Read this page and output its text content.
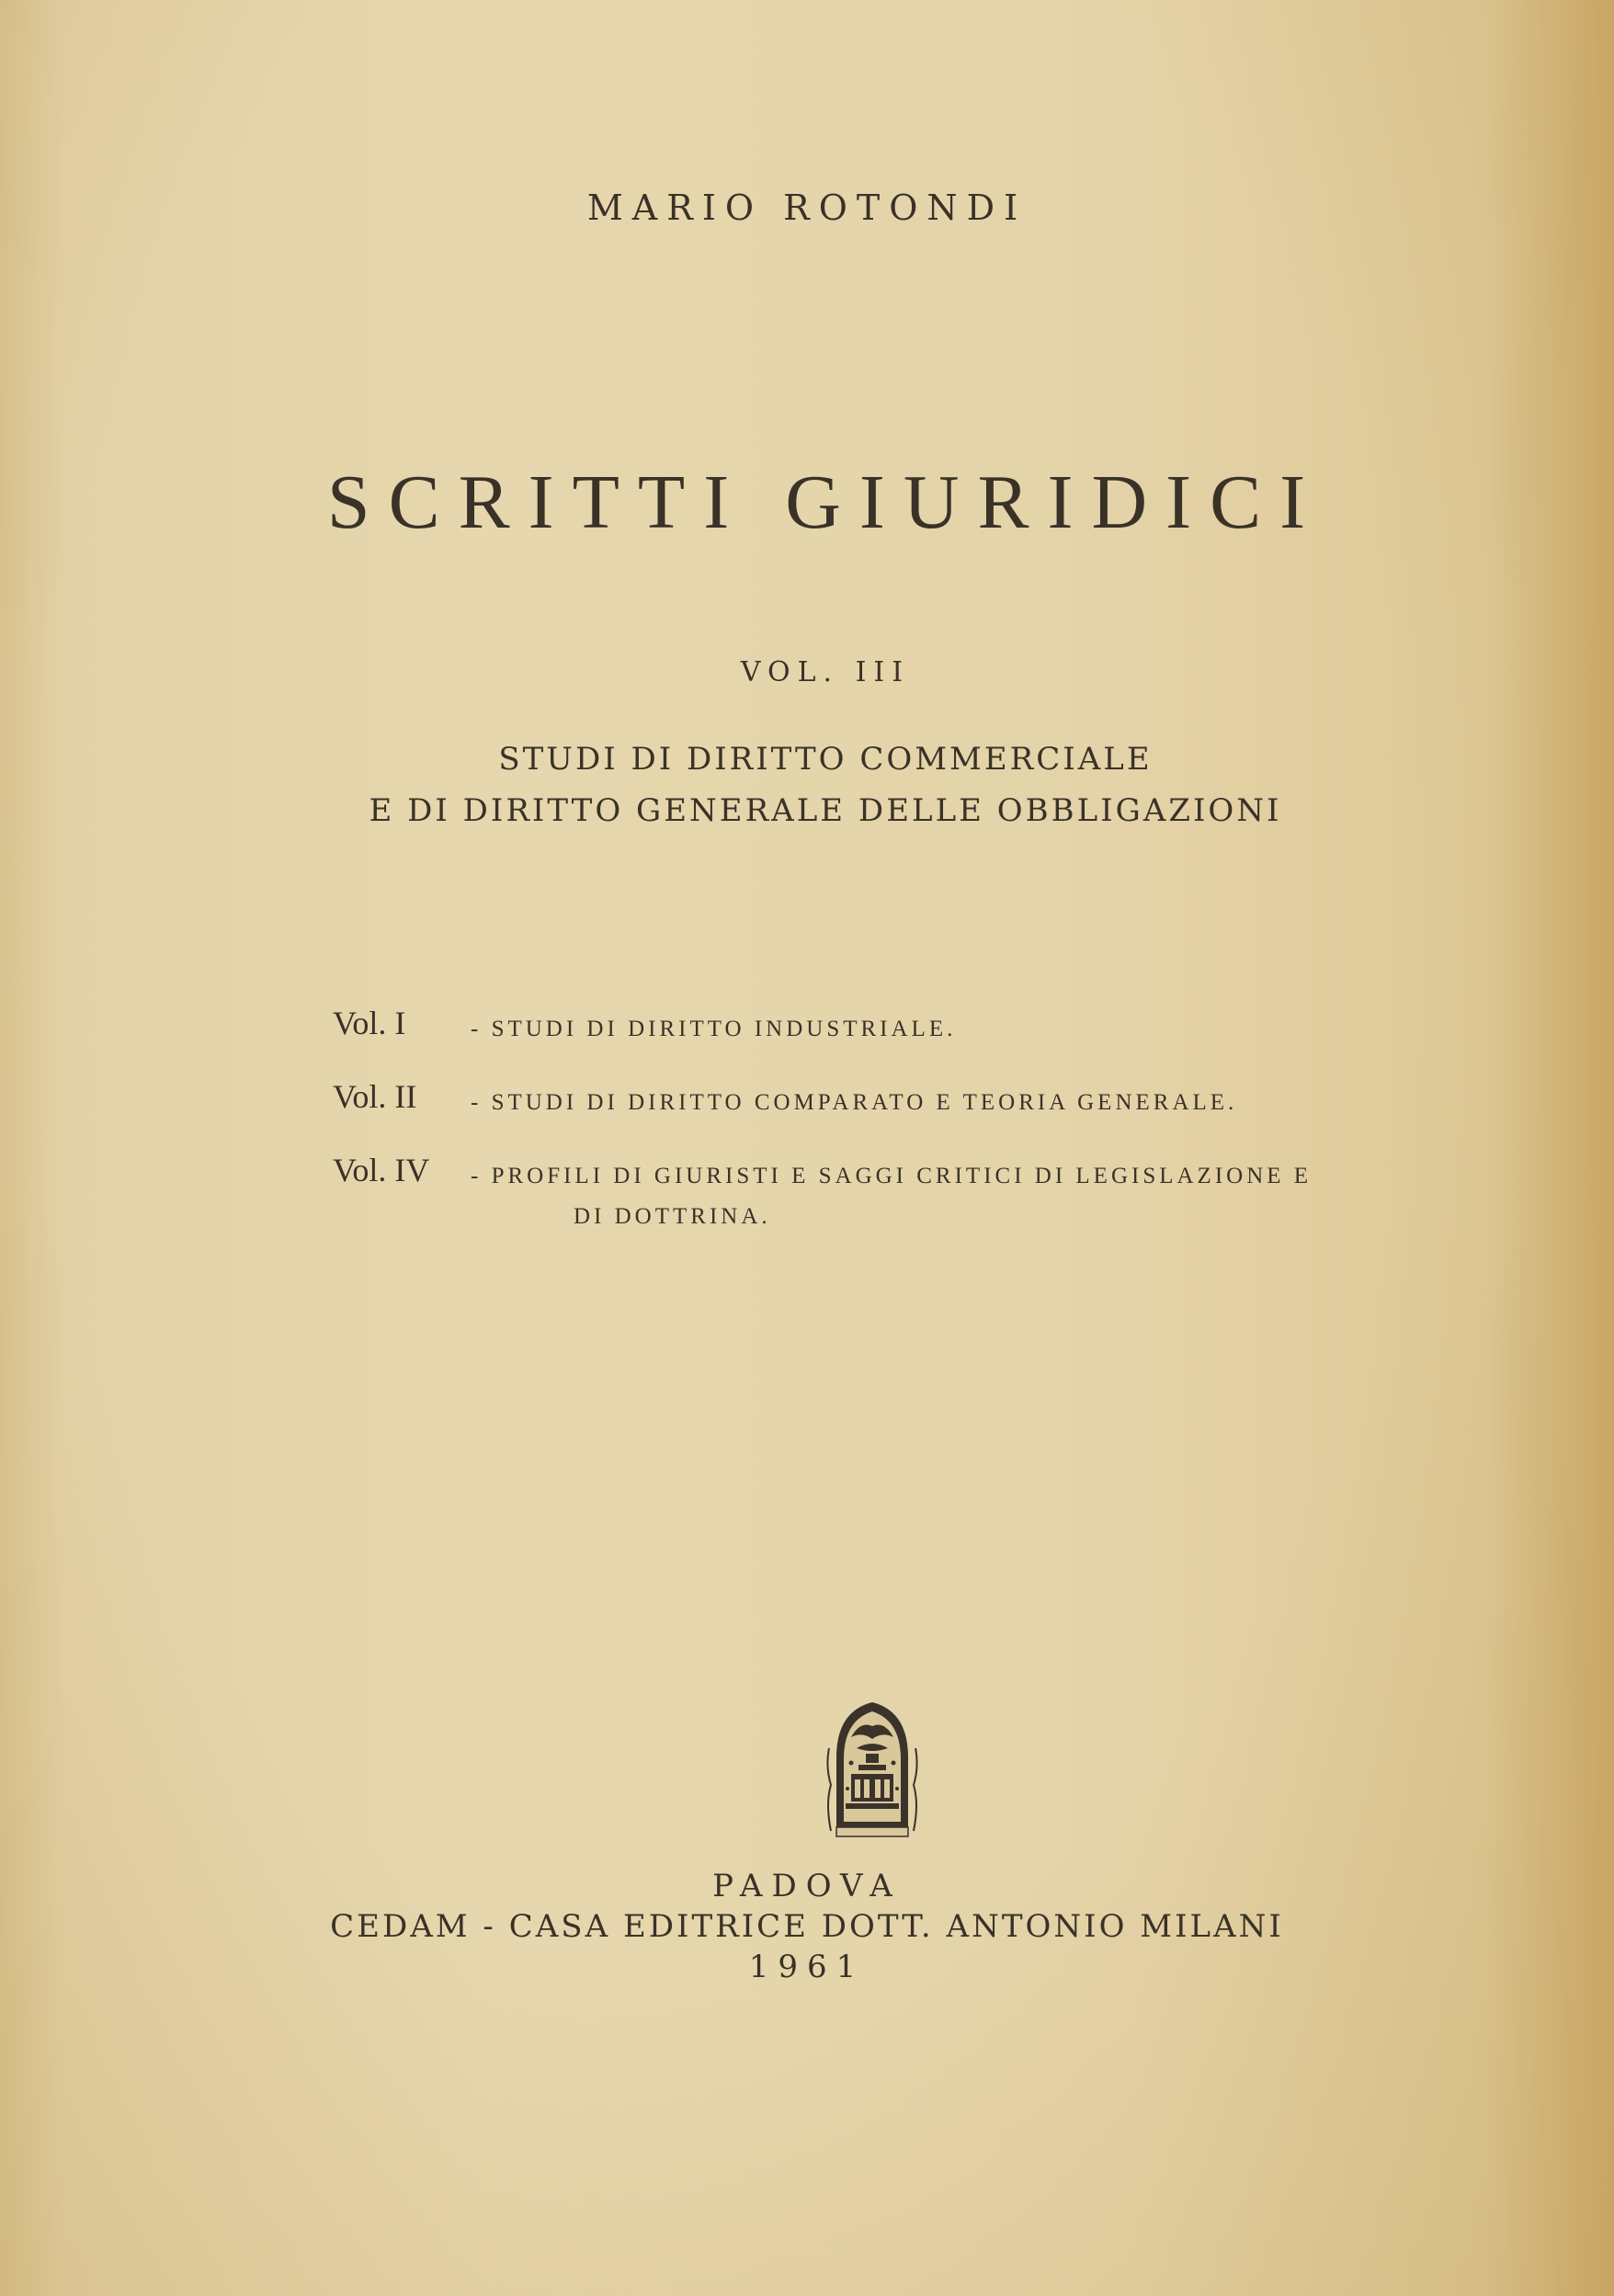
MARIO ROTONDI
SCRITTI GIURIDICI
VOL. III
STUDI DI DIRITTO COMMERCIALE
E DI DIRITTO GENERALE DELLE OBBLIGAZIONI
Vol. I	- STUDI DI DIRITTO INDUSTRIALE.
Vol. II - STUDI DI DIRITTO COMPARATO E TEORIA GENERALE.
Vol. IV - PROFILI DI GIURISTI E SAGGI CRITICI DI LEGISLAZIONE E
DI DOTTRINA.
PADOVA
CEDAM - CASA EDITRICE DOTT. ANTONIO MILANI
1961
